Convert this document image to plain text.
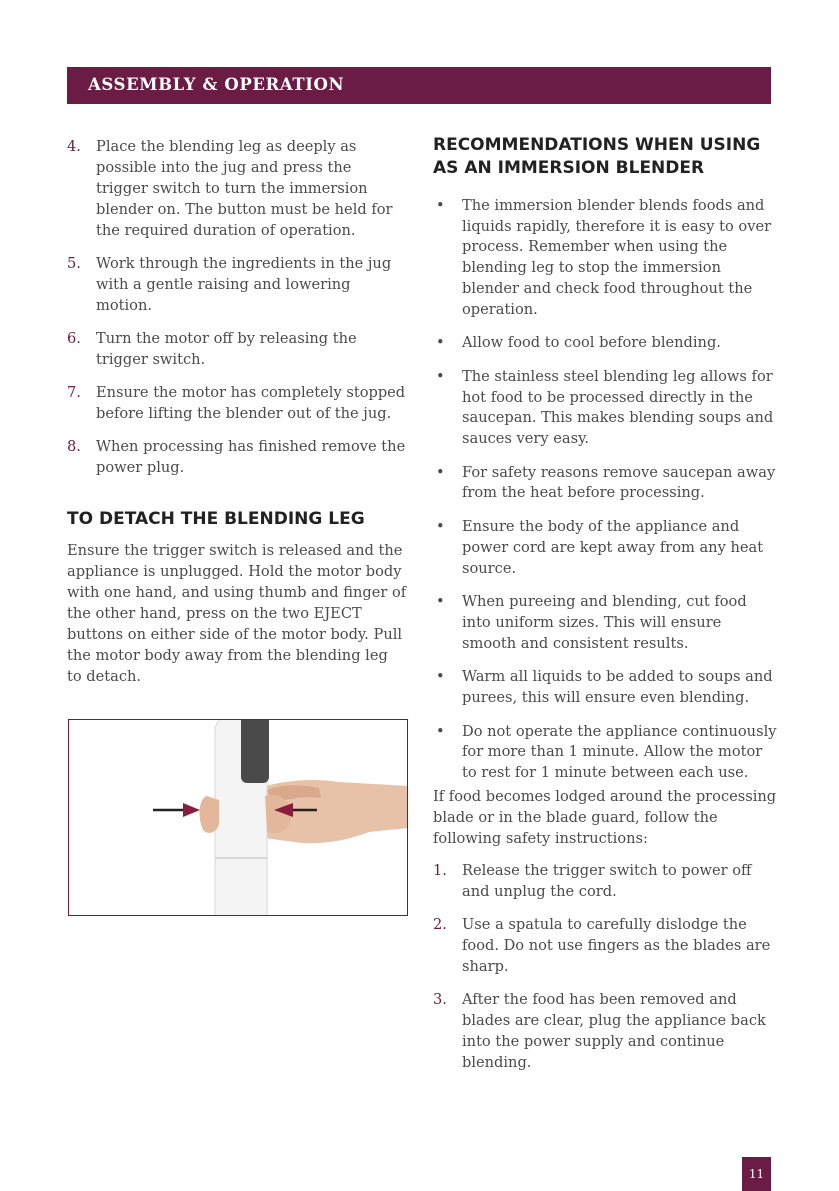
ASSEMBLY & OPERATION
4. Place the blending leg as deeply as possible into the jug and press the trigger switch to turn the immersion blender on. The button must be held for the required duration of operation.
5. Work through the ingredients in the jug with a gentle raising and lowering motion.
6. Turn the motor off by releasing the trigger switch.
7. Ensure the motor has completely stopped before lifting the blender out of the jug.
8. When processing has finished remove the power plug.
TO DETACH THE BLENDING LEG

Ensure the trigger switch is released and the appliance is unplugged. Hold the motor body with one hand, and using thumb and finger of the other hand, press on the two EJECT buttons on either side of the motor body. Pull the motor body away from the blending leg to detach.

RECOMMENDATIONS WHEN USING AS AN IMMERSION BLENDER
• The immersion blender blends foods and liquids rapidly, therefore it is easy to over process. Remember when using the blending leg to stop the immersion blender and check food throughout the operation.
• Allow food to cool before blending.
• The stainless steel blending leg allows for hot food to be processed directly in the saucepan. This makes blending soups and sauces very easy.
• For safety reasons remove saucepan away from the heat before processing.
• Ensure the body of the appliance and power cord are kept away from any heat source.
• When pureeing and blending, cut food into uniform sizes. This will ensure smooth and consistent results.
• Warm all liquids to be added to soups and purees, this will ensure even blending.
• Do not operate the appliance continuously for more than 1 minute. Allow the motor to rest for 1 minute between each use.

If food becomes lodged around the processing blade or in the blade guard, follow the following safety instructions:

1. Release the trigger switch to power off and unplug the cord.
2. Use a spatula to carefully dislodge the food. Do not use fingers as the blades are sharp.
3. After the food has been removed and blades are clear, plug the appliance back into the power supply and continue blending.
11
